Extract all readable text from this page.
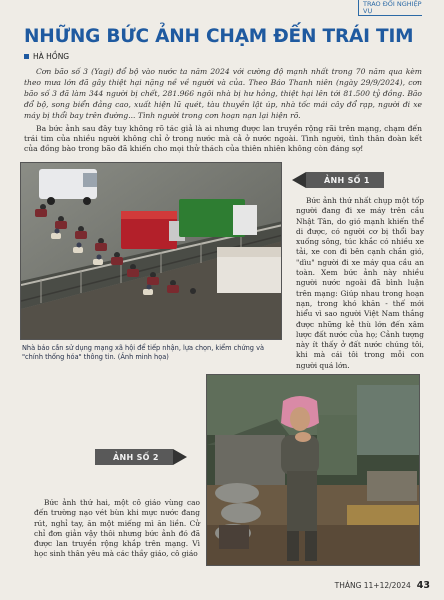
TRAO ĐỔI NGHIỆP VỤ
NHỮNG BỨC ẢNH CHẠM ĐẾN TRÁI TIM
HÀ HỒNG

Cơn bão số 3 (Yagi) đổ bộ vào nước ta năm 2024 với cường độ mạnh nhất trong 70 năm qua kèm theo mưa lớn đã gây thiệt hại nặng nề về người và của. Theo Báo Thanh niên (ngày 29/9/2024), cơn bão số 3 đã làm 344 người bị chết, 281.966 ngôi nhà bị hư hỏng, thiệt hại lên tới 81.500 tỷ đồng. Bão đổ bộ, song biển đảng cao, xuất hiện lũ quét, tàu thuyền lật úp, nhà tốc mái cây đổ rạp, người đi xe máy bị thổi bay trên đường... Tình người trong cơn hoạn nạn lại hiện rõ.

Ba bức ảnh sau đây tuy không rõ tác giả là ai nhưng được lan truyền rộng rãi trên mạng, chạm đến trái tim của nhiều người không chỉ ở trong nước mà cả ở nước ngoài. Tình người, tình thân đoàn kết của đồng bào trong bão đã khiến cho mọi thử thách của thiên nhiên không còn đáng sợ!

Nhà báo cần sử dụng mạng xã hội để tiếp nhận, lựa chọn, kiểm chứng và "chính thống hóa" thông tin. (Ảnh minh họa)
ẢNH SỐ 1

Bức ảnh thứ nhất chụp một tốp người đang đi xe máy trên cầu Nhật Tân, do gió mạnh khiến thể di được, có người cơ bị thổi bay xuống sông, túc khắc có nhiều xe tải, xe con đi bên cạnh chắn gió, "dìu" người đi xe máy qua cầu an toàn. Xem bức ảnh này nhiều người nước ngoài đã bình luận trên mạng: Giúp nhau trong hoạn nạn, trong khó khăn - thế mới hiểu vì sao người Việt Nam thắng được những kẻ thù lớn đến xâm lược đất nước của họ; Cảnh tượng này ít thấy ở đất nước chúng tôi, khi mà cái tôi trong mỗi con người quá lớn.

ẢNH SỐ 2

Bức ảnh thứ hai, một cô giáo vùng cao đến trường nạo vét bùn khi mực nước đang rút, nghỉ tay, ăn một miếng mì ăn liền. Cử chỉ đơn giản vậy thôi nhưng bức ảnh đó đã được lan truyền rộng khắp trên mạng. Vì học sinh thân yêu mà các thầy giáo, cô giáo

THÁNG 11+12/2024 43
